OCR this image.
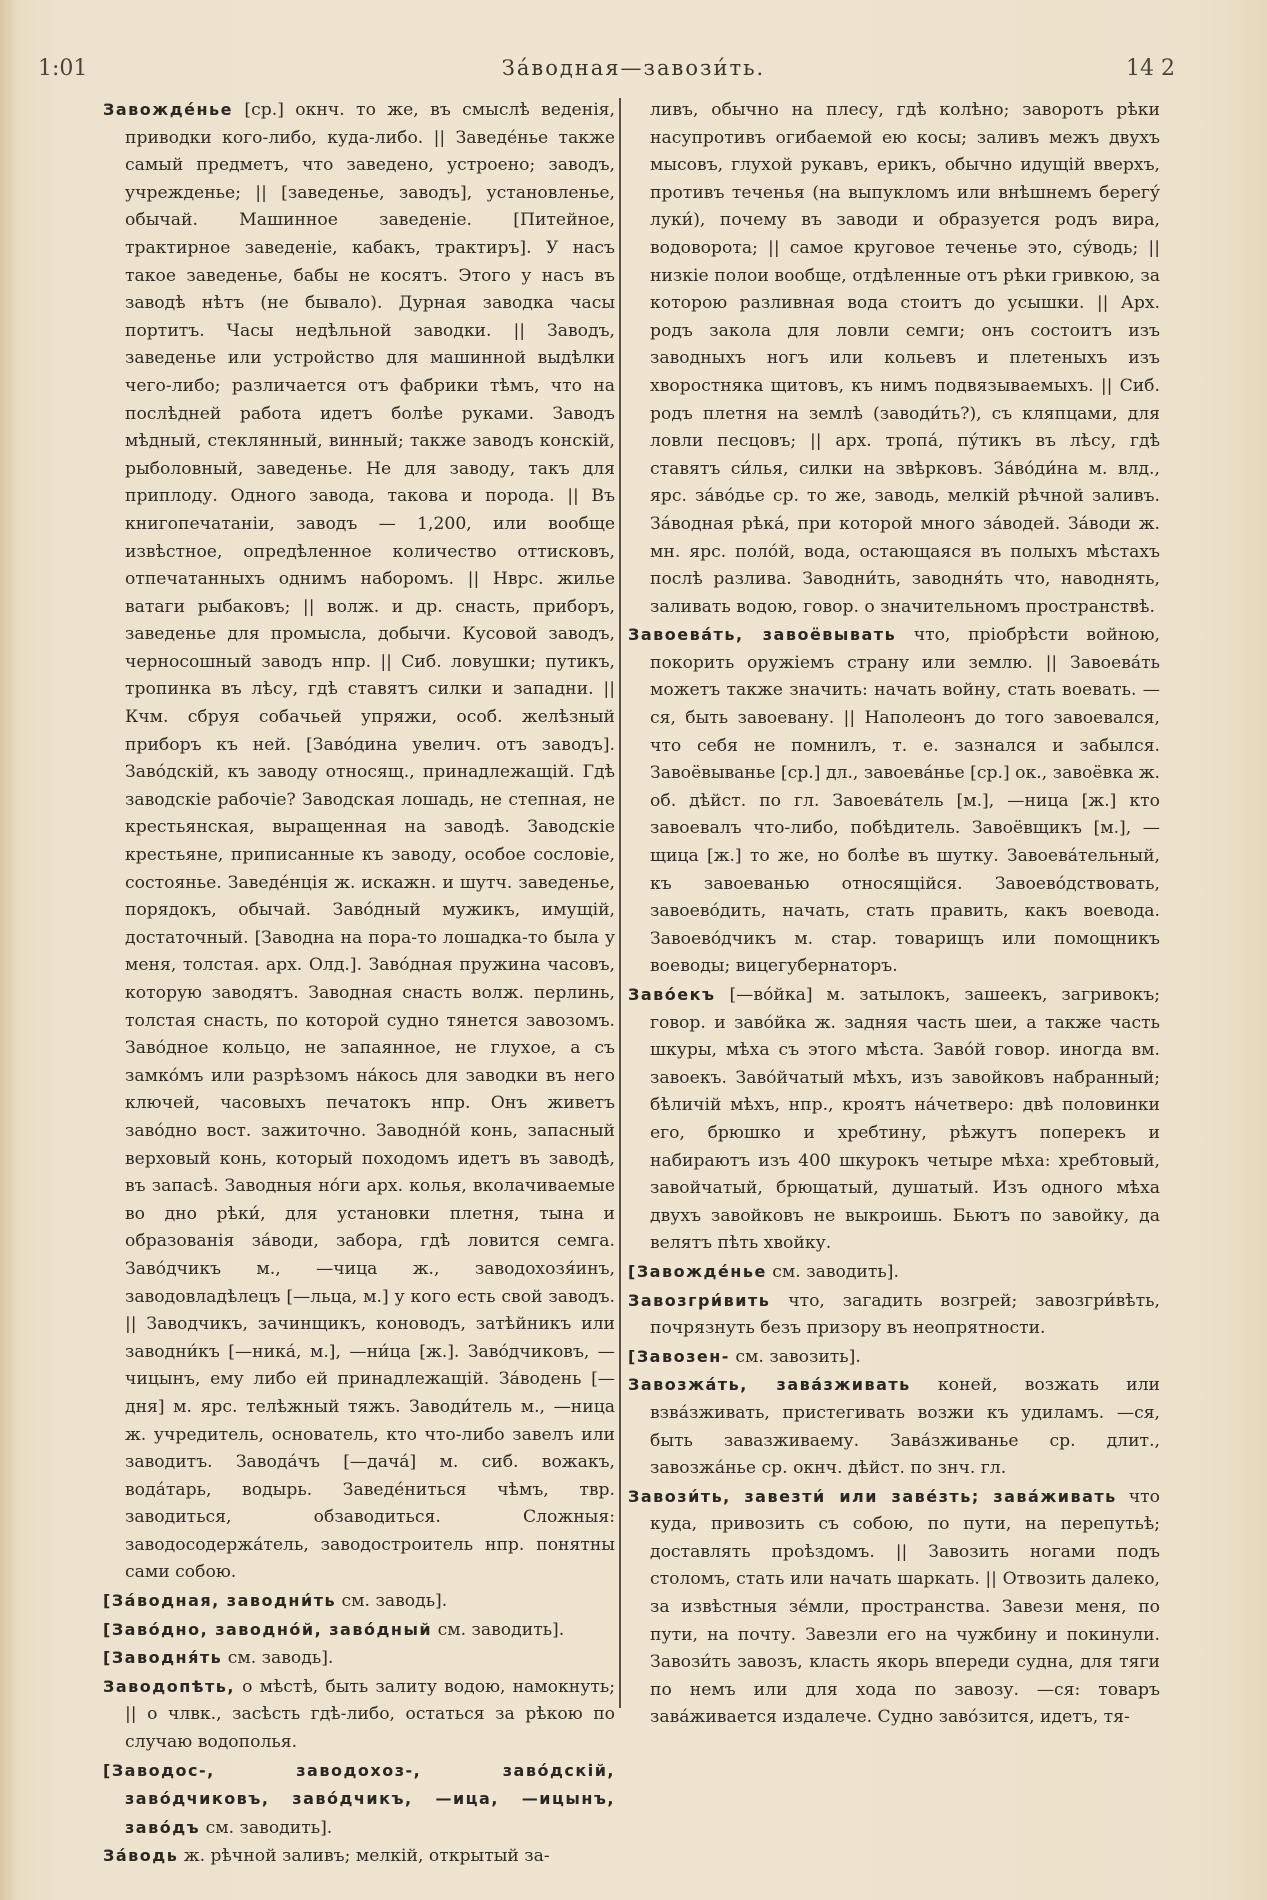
1:01	За́водная—завози́ть.	14 2

Завожде́нье [ср.] окнч. то же, въ смыслѣ веденія, приводки кого-либо, куда-либо. || Заведе́нье также самый предметъ, что заведено, устроено; заводъ, учрежденье; || [заведенье, заводъ], установленье, обычай. Машинное заведеніе. [Питейное, трактирное заведеніе, кабакъ, трактиръ]. У насъ такое заведенье, бабы не косятъ. Этого у насъ въ заводѣ нѣтъ (не бывало). Дурная заводка часы портитъ. Часы недѣльной заводки. || Заводъ, заведенье или устройство для машинной выдѣлки чего-либо; различается отъ фабрики тѣмъ, что на послѣдней работа идетъ болѣе руками. Заводъ мѣдный, стеклянный, винный; также заводъ конскій, рыболовный, заведенье. Не для заводу, такъ для приплоду. Одного завода, такова и порода. || Въ книгопечатаніи, заводъ — 1,200, или вообще извѣстное, опредѣленное количество оттисковъ, отпечатанныхъ однимъ наборомъ. || Нврс. жилье ватаги рыбаковъ; || волж. и др. снасть, приборъ, заведенье для промысла, добычи. Кусовой заводъ, черносошный заводъ нпр. || Сиб. ловушки; путикъ, тропинка въ лѣсу, гдѣ ставятъ силки и западни. || Кчм. сбруя собачьей упряжи, особ. желѣзный приборъ къ ней. [Заво́дина увелич. отъ заводъ]. Заво́дскій, къ заводу относящ., принадлежащій. Гдѣ заводскіе рабочіе? Заводская лошадь, не степная, не крестьянская, выращенная на заводѣ. Заводскіе крестьяне, приписанные къ заводу, особое сословіе, состоянье. Заведе́нція ж. искажн. и шутч. заведенье, порядокъ, обычай. Заво́дный мужикъ, имущій, достаточный. [Заводна на пора-то лошадка-то была у меня, толстая. арх. Олд.]. Заво́дная пружина часовъ, которую заводятъ. Заводная снасть волж. перлинь, толстая снасть, по которой судно тянется завозомъ. Заво́дное кольцо, не запаянное, не глухое, а съ замко́мъ или разрѣзомъ на́кось для заводки въ него ключей, часовыхъ печатокъ нпр. Онъ живетъ заво́дно вост. зажиточно. Заводно́й конь, запасный верховый конь, который походомъ идетъ въ заводѣ, въ запасѣ. Заводныя но́ги арх. колья, вколачиваемые во дно рѣки́, для установки плетня, тына и образованія за́води, забора, гдѣ ловится семга. Заво́дчикъ м., —чица ж., заводохозя́инъ, заводовладѣлецъ [—льца, м.] у кого есть свой заводъ. || Заводчикъ, зачинщикъ, коноводъ, затѣйникъ или заводни́къ [—ника́, м.], —ни́ца [ж.]. Заво́дчиковъ, —чицынъ, ему либо ей принадлежащій. За́водень [—дня] м. ярс. телѣжный тяжъ. Заводи́тель м., —ница ж. учредитель, основатель, кто что-либо завелъ или заводитъ. Завода́чъ [—дача́] м. сиб. вожакъ, вода́тарь, водырь. Заведе́ниться чѣмъ, твр. заводиться, обзаводиться. Сложныя: заводосодержа́тель, заводостроитель нпр. понятны сами собою.

[За́водная, заводни́ть см. заводь].

[Заво́дно, заводно́й, заво́дный см. заводить].

[Заводня́ть см. заводь].

Заводопѣть, о мѣстѣ, быть залиту водою, намокнуть; || о члвк., засѣсть гдѣ-либо, остаться за рѣкою по случаю водополья.

[Заводос-, заводохоз-, заво́дскій, заво́дчиковъ, заво́дчикъ, —ица, —ицынъ, заво́дъ см. заводить].

За́водь ж. рѣчной заливъ; мелкій, открытый за-

ливъ, обычно на плесу, гдѣ колѣно; заворотъ рѣки насупротивъ огибаемой ею косы; заливъ межъ двухъ мысовъ, глухой рукавъ, ерикъ, обычно идущій вверхъ, противъ теченья (на выпукломъ или внѣшнемъ берегу́ луки́), почему въ заводи и образуется родъ вира, водоворота; || самое круговое теченье это, су́водь; || низкіе полои вообще, отдѣленные отъ рѣки гривкою, за которою разливная вода стоитъ до усышки. || Арх. родъ закола для ловли семги; онъ состоитъ изъ заводныхъ ногъ или кольевъ и плетеныхъ изъ хворостняка щитовъ, къ нимъ подвязываемыхъ. || Сиб. родъ плетня на землѣ (заводи́ть?), съ кляпцами, для ловли песцовъ; || арх. тропа́, пу́тикъ въ лѣсу, гдѣ ставятъ си́лья, силки на звѣрковъ. За́во́ди́на м. влд., ярс. за́во́дье ср. то же, заводь, мелкій рѣчной заливъ. За́водная рѣка́, при которой много за́водей. За́води ж. мн. ярс. поло́й, вода, остающаяся въ полыхъ мѣстахъ послѣ разлива. Заводни́ть, заводня́ть что, наводнять, заливать водою, говор. о значительномъ пространствѣ.

Завоева́ть, завоёвывать что, пріобрѣсти войною, покорить оружіемъ страну или землю. || Завоева́ть можетъ также значить: начать войну, стать воевать. —ся, быть завоевану. || Наполеонъ до того завоевался, что себя не помнилъ, т. е. зазнался и забылся. Завоёвыванье [ср.] дл., завоева́нье [ср.] ок., завоёвка ж. об. дѣйст. по гл. Завоева́тель [м.], —ница [ж.] кто завоевалъ что-либо, побѣдитель. Завоёвщикъ [м.], —щица [ж.] то же, но болѣе въ шутку. Завоева́тельный, къ завоеванью относящійся. Завоево́дствовать, завоево́дить, начать, стать править, какъ воевода. Завоево́дчикъ м. стар. товарищъ или помощникъ воеводы; вицегубернаторъ.

Заво́екъ [—во́йка] м. затылокъ, зашеекъ, загривокъ; говор. и заво́йка ж. задняя часть шеи, а также часть шкуры, мѣха съ этого мѣста. Заво́й говор. иногда вм. завоекъ. Заво́йчатый мѣхъ, изъ завойковъ набранный; бѣличій мѣхъ, нпр., кроятъ на́четверо: двѣ половинки его, брюшко и хребтину, рѣжутъ поперекъ и набираютъ изъ 400 шкурокъ четыре мѣха: хребтовый, завойчатый, брющатый, душатый. Изъ одного мѣха двухъ завойковъ не выкроишь. Бьютъ по завойку, да велятъ пѣть хвойку.

[Завожде́нье см. заводить].

Завозгри́вить что, загадить возгрей; завозгри́вѣть, почрязнуть безъ призору въ неопрятности.

[Завозен- см. завозить].

Завозжа́ть, зава́зживать коней, возжать или взва́зживать, пристегивать возжи къ удиламъ. —ся, быть завазживаему. Зава́зживанье ср. длит., завозжа́нье ср. окнч. дѣйст. по знч. гл.

Завози́ть, завезти́ или заве́зть; зава́живать что куда, привозить съ собою, по пути, на перепутьѣ; доставлять проѣздомъ. || Завозить ногами подъ столомъ, стать или начать шаркать. || Отвозить далеко, за извѣстныя зе́мли, пространства. Завези меня, по пути, на почту. Завезли его на чужбину и покинули. Завози́ть завозъ, класть якорь впереди судна, для тяги по немъ или для хода по завозу. —ся: товаръ зава́живается издалече. Судно заво́зится, идетъ, тя-
